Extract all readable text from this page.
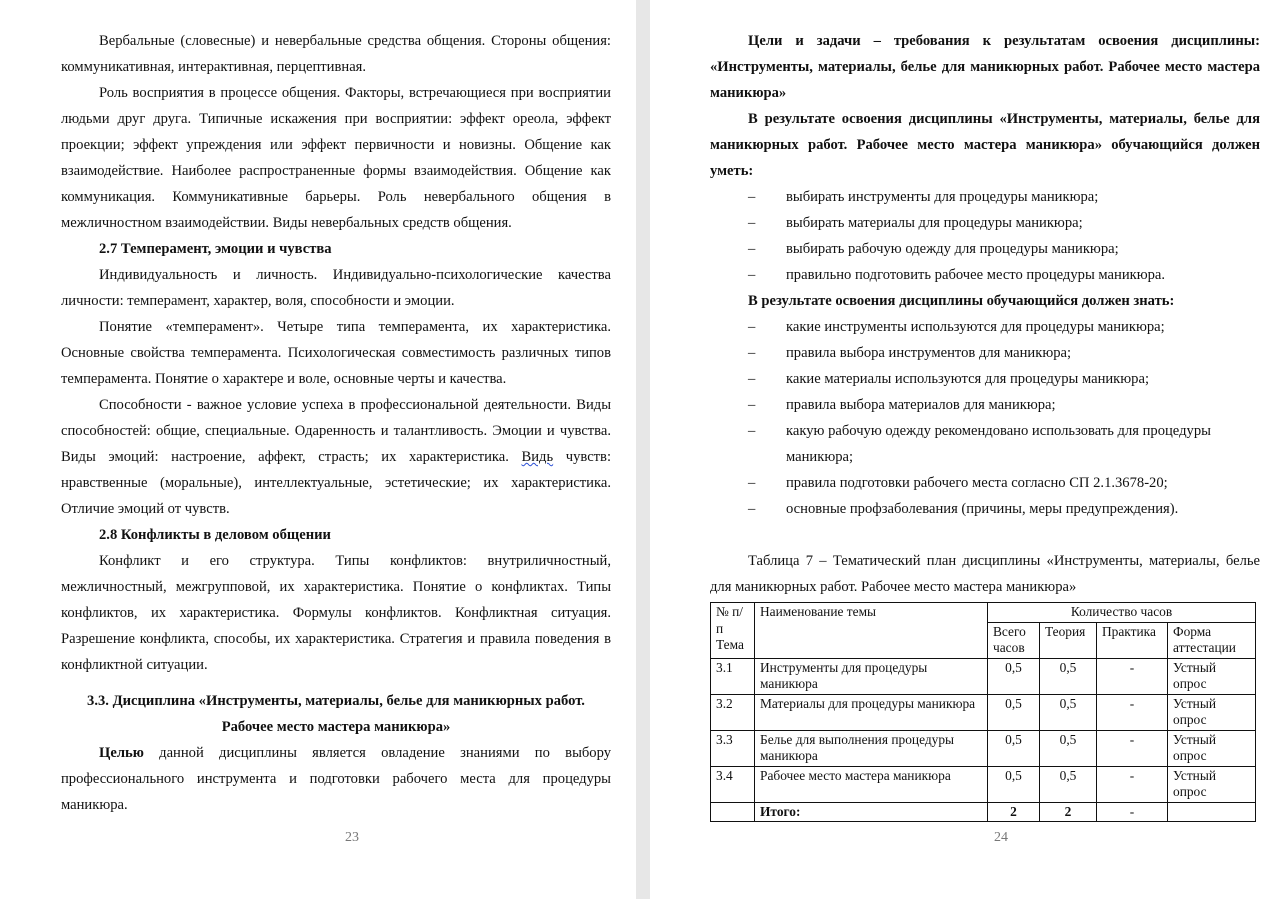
Вербальные (словесные) и невербальные средства общения. Стороны общения: коммуникативная, интерактивная, перцептивная.

Роль восприятия в процессе общения. Факторы, встречающиеся при восприятии людьми друг друга. Типичные искажения при восприятии: эффект ореола, эффект проекции; эффект упреждения или эффект первичности и новизны. Общение как взаимодействие. Наиболее распространенные формы взаимодействия. Общение как коммуникация. Коммуникативные барьеры. Роль невербального общения в межличностном взаимодействии. Виды невербальных средств общения.

2.7 Темперамент, эмоции и чувства

Индивидуальность и личность. Индивидуально-психологические качества личности: темперамент, характер, воля, способности и эмоции.

Понятие «темперамент». Четыре типа темперамента, их характеристика. Основные свойства темперамента. Психологическая совместимость различных типов темперамента. Понятие о характере и воле, основные черты и качества.

Способности - важное условие успеха в профессиональной деятельности. Виды способностей: общие, специальные. Одаренность и талантливость. Эмоции и чувства. Виды эмоций: настроение, аффект, страсть; их характеристика. Видь чувств: нравственные (моральные), интеллектуальные, эстетические; их характеристика. Отличие эмоций от чувств.

2.8 Конфликты в деловом общении

Конфликт и его структура. Типы конфликтов: внутриличностный, межличностный, межгрупповой, их характеристика. Понятие о конфликтах. Типы конфликтов, их характеристика. Формулы конфликтов. Конфликтная ситуация. Разрешение конфликта, способы, их характеристика. Стратегия и правила поведения в конфликтной ситуации.

3.3. Дисциплина «Инструменты, материалы, белье для маникюрных работ.

Рабочее место мастера маникюра»

Целью данной дисциплины является овладение знаниями по выбору профессионального инструмента и подготовки рабочего места для процедуры маникюра.

23

Цели и задачи – требования к результатам освоения дисциплины: «Инструменты, материалы, белье для маникюрных работ. Рабочее место мастера маникюра»

В результате освоения дисциплины «Инструменты, материалы, белье для маникюрных работ. Рабочее место мастера маникюра» обучающийся должен уметь:

– выбирать инструменты для процедуры маникюра;
– выбирать материалы для процедуры маникюра;
– выбирать рабочую одежду для процедуры маникюра;
– правильно подготовить рабочее место процедуры маникюра.

В результате освоения дисциплины обучающийся должен знать:

– какие инструменты используются для процедуры маникюра;
– правила выбора инструментов для маникюра;
– какие материалы используются для процедуры маникюра;
– правила выбора материалов для маникюра;
– какую рабочую одежду рекомендовано использовать для процедуры маникюра;
– правила подготовки рабочего места согласно СП 2.1.3678-20;
– основные профзаболевания (причины, меры предупреждения).

Таблица 7 – Тематический план дисциплины «Инструменты, материалы, белье для маникюрных работ. Рабочее место мастера маникюра»

№ п/п Тема	Наименование темы	Количество часов			
		Всего часов	Теория	Практика	Форма аттестации
3.1	Инструменты для процедуры маникюра	0,5	0,5	-	Устный опрос
3.2	Материалы для процедуры маникюра	0,5	0,5	-	Устный опрос
3.3	Белье для выполнения процедуры маникюра	0,5	0,5	-	Устный опрос
3.4	Рабочее место мастера маникюра	0,5	0,5	-	Устный опрос
	Итого:	2	2	-	
24
